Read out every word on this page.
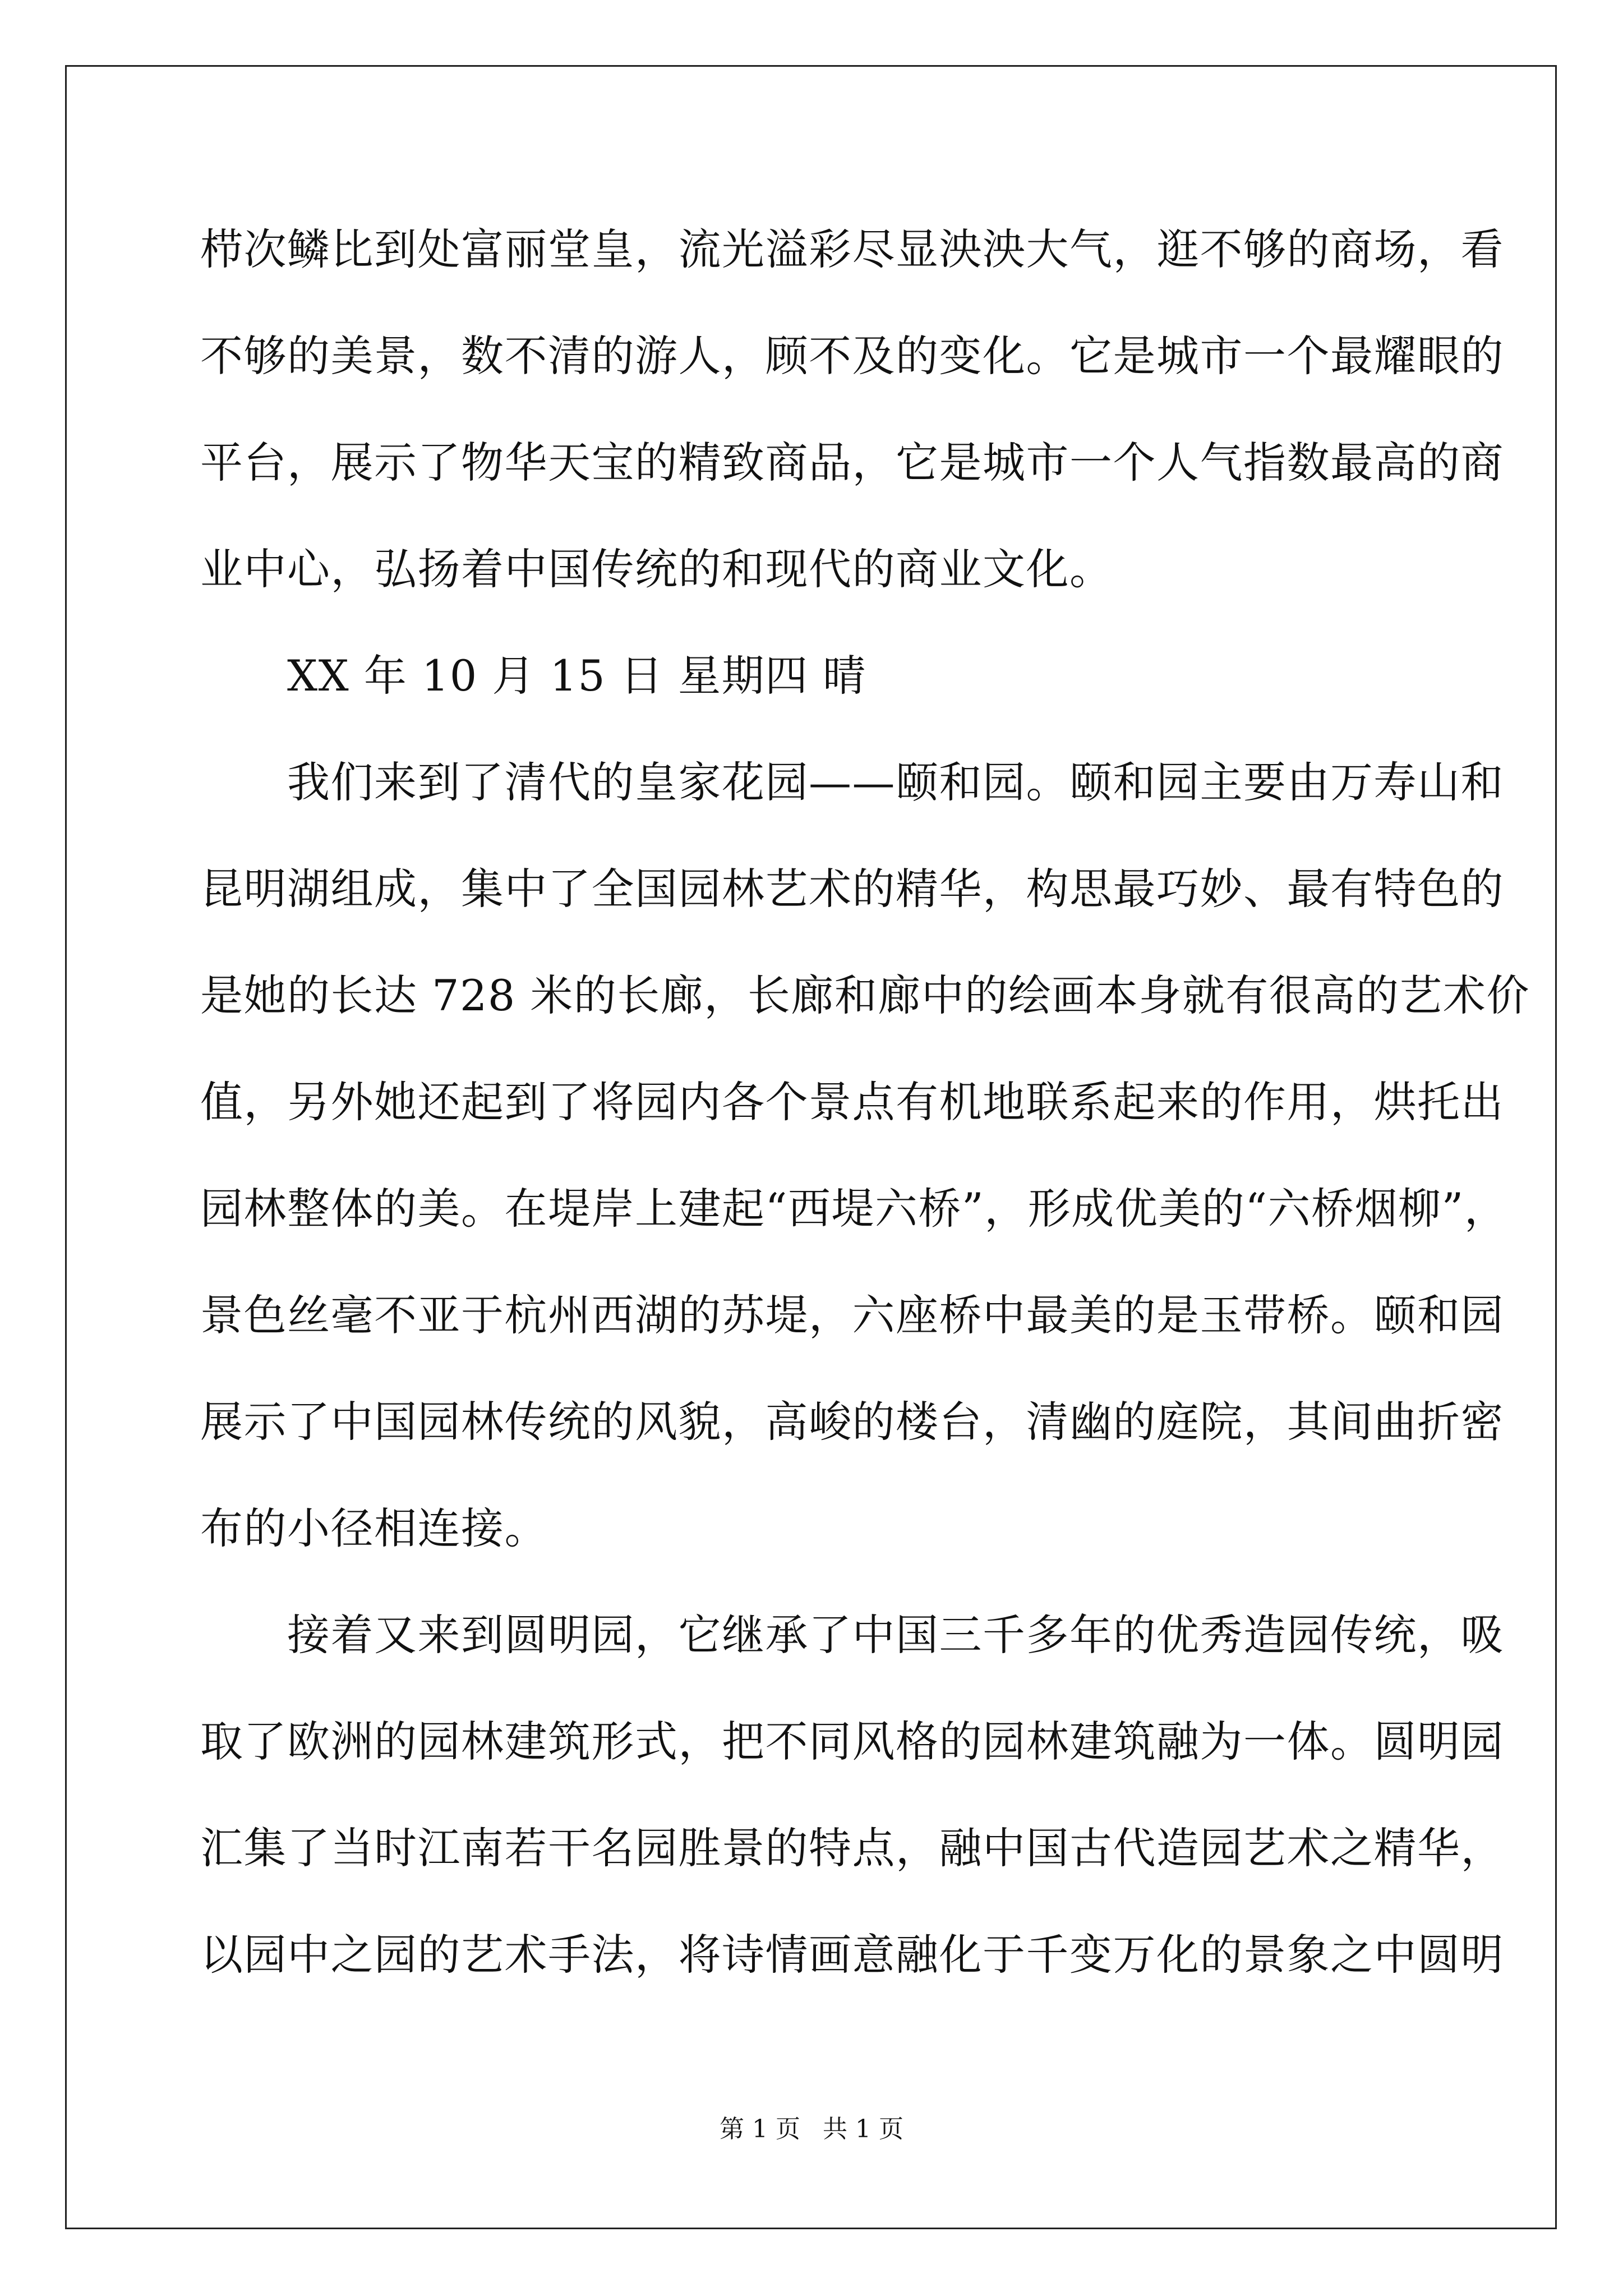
栉次鳞比到处富丽堂皇，流光溢彩尽显泱泱大气，逛不够的商场，看
不够的美景，数不清的游人，顾不及的变化。它是城市一个最耀眼的
平台，展示了物华天宝的精致商品，它是城市一个人气指数最高的商
业中心，弘扬着中国传统的和现代的商业文化。
　　XX 年 10 月 15 日 星期四 晴
　　我们来到了清代的皇家花园——颐和园。颐和园主要由万寿山和
昆明湖组成，集中了全国园林艺术的精华，构思最巧妙、最有特色的
是她的长达 728 米的长廊，长廊和廊中的绘画本身就有很高的艺术价
值，另外她还起到了将园内各个景点有机地联系起来的作用，烘托出
园林整体的美。在堤岸上建起“西堤六桥”，形成优美的“六桥烟柳”，
景色丝毫不亚于杭州西湖的苏堤，六座桥中最美的是玉带桥。颐和园
展示了中国园林传统的风貌，高峻的楼台，清幽的庭院，其间曲折密
布的小径相连接。
　　接着又来到圆明园，它继承了中国三千多年的优秀造园传统，吸
取了欧洲的园林建筑形式，把不同风格的园林建筑融为一体。圆明园
汇集了当时江南若干名园胜景的特点，融中国古代造园艺术之精华，
以园中之园的艺术手法，将诗情画意融化于千变万化的景象之中圆明
第 1 页 共 1 页
